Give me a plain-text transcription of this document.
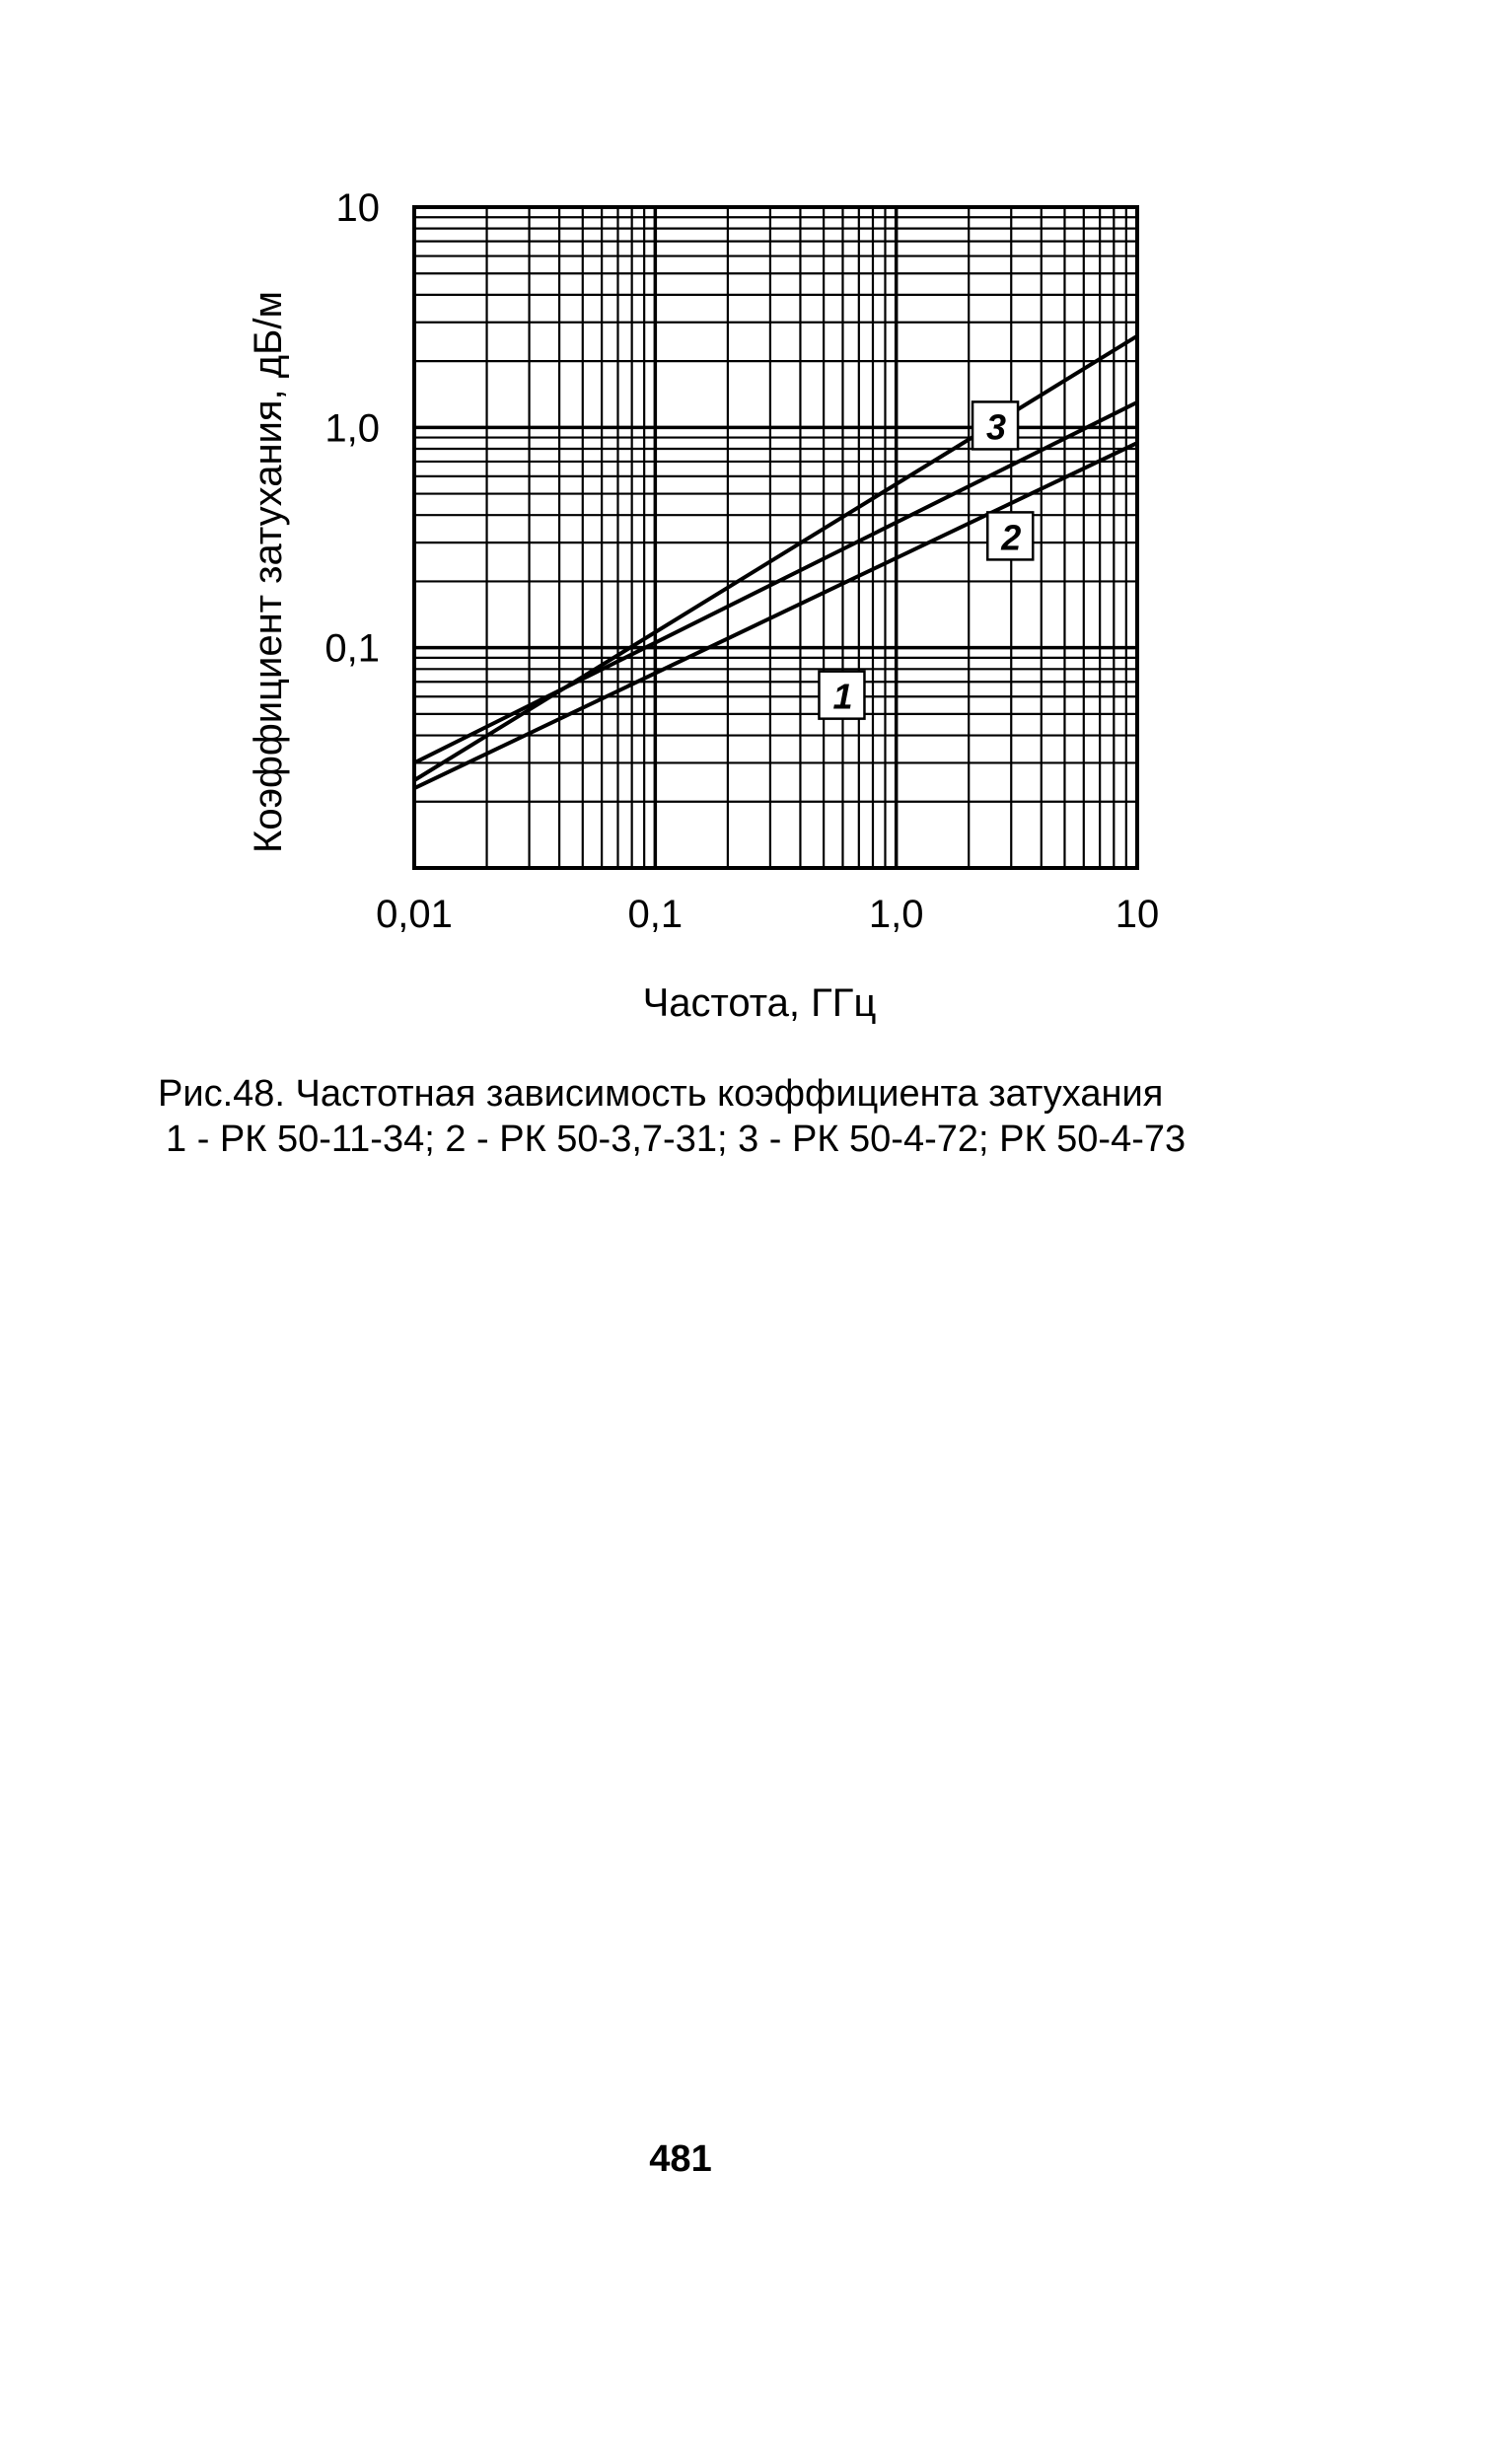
1
2
3
0,01	0,1	1,0	10
0,1
1,0
10
Частота, ГГц
Коэффициент затухания, дБ/м
Рис.48. Частотная зависимость коэффициента затухания
1 - РК 50-11-34; 2 - РК 50-3,7-31; 3 - РК 50-4-72; РК 50-4-73
481
